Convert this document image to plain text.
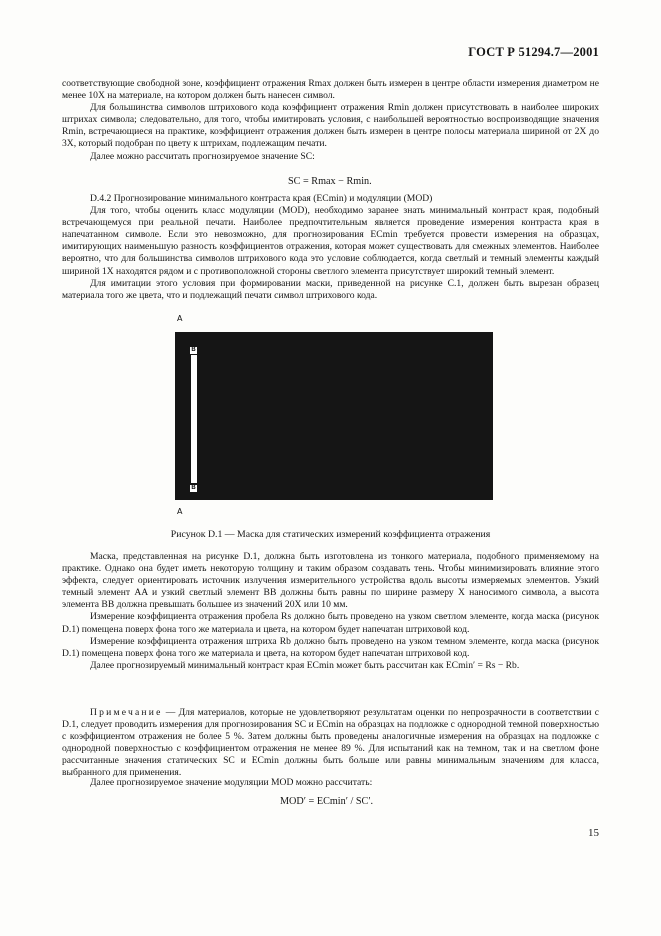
ГОСТ Р 51294.7—2001

соответствующие свободной зоне, коэффициент отражения Rmax должен быть измерен в центре области измерения диаметром не менее 10X на материале, на котором должен быть нанесен символ.

Для большинства символов штрихового кода коэффициент отражения Rmin должен присутствовать в наиболее широких штрихах символа; следовательно, для того, чтобы имитировать условия, с наибольшей вероятностью воспроизводящие значения Rmin, встречающиеся на практике, коэффициент отражения должен быть измерен в центре полосы материала шириной от 2X до 3X, который подобран по цвету к штрихам, подлежащим печати.

Далее можно рассчитать прогнозируемое значение SC:

SC = Rmax − Rmin.

D.4.2 Прогнозирование минимального контраста края (ECmin) и модуляции (MOD)

Для того, чтобы оценить класс модуляции (MOD), необходимо заранее знать минимальный контраст края, подобный встречающемуся при реальной печати. Наиболее предпочтительным является проведение измерения контраста края в напечатанном символе. Если это невозможно, для прогнозирования ECmin требуется провести измерения на образцах, имитирующих наименьшую разность коэффициентов отражения, которая может существовать для смежных элементов. Наиболее вероятно, что для большинства символов штрихового кода это условие соблюдается, когда светлый и темный элементы каждый шириной 1X находятся рядом и с противоположной стороны светлого элемента присутствует широкий темный элемент.

Для имитации этого условия при формировании маски, приведенной на рисунке С.1, должен быть вырезан образец материала того же цвета, что и подлежащий печати символ штрихового кода.

A
B
B
A
Рисунок D.1 — Маска для статических измерений коэффициента отражения

Маска, представленная на рисунке D.1, должна быть изготовлена из тонкого материала, подобного применяемому на практике. Однако она будет иметь некоторую толщину и таким образом создавать тень. Чтобы минимизировать влияние этого эффекта, следует ориентировать источник излучения измерительного устройства вдоль высоты измеряемых элементов. Узкий темный элемент AA и узкий светлый элемент BB должны быть равны по ширине размеру X наносимого символа, а высота элемента BB должна превышать большее из значений 20X или 10 мм.

Измерение коэффициента отражения пробела Rs должно быть проведено на узком светлом элементе, когда маска (рисунок D.1) помещена поверх фона того же материала и цвета, на котором будет напечатан штриховой код.

Измерение коэффициента отражения штриха Rb должно быть проведено на узком темном элементе, когда маска (рисунок D.1) помещена поверх фона того же материала и цвета, на котором будет напечатан штриховой код.

Далее прогнозируемый минимальный контраст края ECmin может быть рассчитан как ECmin′ = Rs − Rb.

Примечание — Для материалов, которые не удовлетворяют результатам оценки по непрозрачности в соответствии с D.1, следует проводить измерения для прогнозирования SC и ECmin на образцах на подложке с однородной темной поверхностью с коэффициентом отражения не более 5 %. Затем должны быть проведены аналогичные измерения на образцах на подложке с однородной поверхностью с коэффициентом отражения не менее 89 %. Для испытаний как на темном, так и на светлом фоне рассчитанные значения статических SC и ECmin должны быть больше или равны минимальным значениям для класса, выбранного для применения.

Далее прогнозируемое значение модуляции MOD можно рассчитать:

MOD′ = ECmin′ / SC′.
15
